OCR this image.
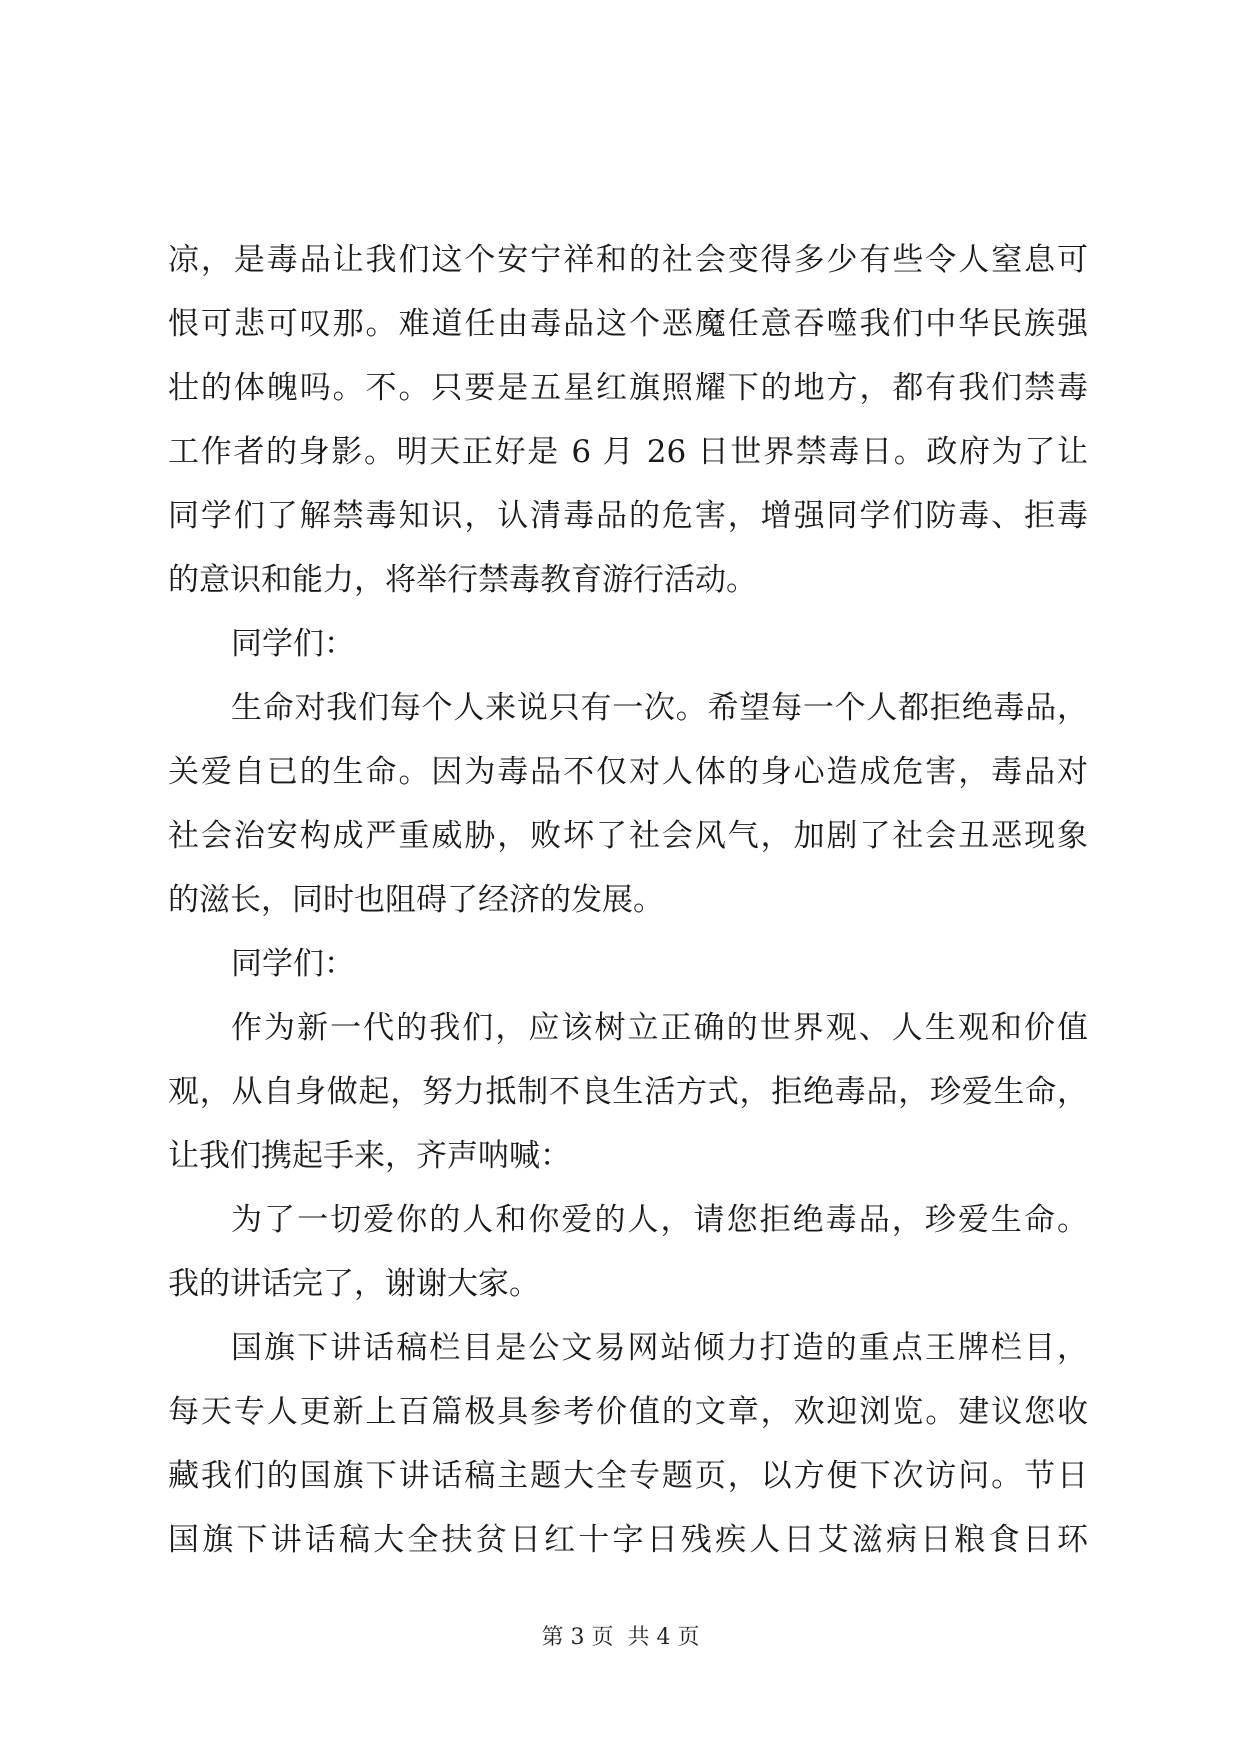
凉，是毒品让我们这个安宁祥和的社会变得多少有些令人窒息可
恨可悲可叹那。难道任由毒品这个恶魔任意吞噬我们中华民族强
壮的体魄吗。不。只要是五星红旗照耀下的地方，都有我们禁毒
工作者的身影。明天正好是 6 月 26 日世界禁毒日。政府为了让
同学们了解禁毒知识，认清毒品的危害，增强同学们防毒、拒毒
的意识和能力，将举行禁毒教育游行活动。
同学们：
生命对我们每个人来说只有一次。希望每一个人都拒绝毒品，
关爱自已的生命。因为毒品不仅对人体的身心造成危害，毒品对
社会治安构成严重威胁，败坏了社会风气，加剧了社会丑恶现象
的滋长，同时也阻碍了经济的发展。
同学们：
作为新一代的我们，应该树立正确的世界观、人生观和价值
观，从自身做起，努力抵制不良生活方式，拒绝毒品，珍爱生命，
让我们携起手来，齐声呐喊：
为了一切爱你的人和你爱的人，请您拒绝毒品，珍爱生命。
我的讲话完了，谢谢大家。
国旗下讲话稿栏目是公文易网站倾力打造的重点王牌栏目，
每天专人更新上百篇极具参考价值的文章，欢迎浏览。建议您收
藏我们的国旗下讲话稿主题大全专题页，以方便下次访问。节日
国旗下讲话稿大全扶贫日红十字日残疾人日艾滋病日粮食日环
第 3 页  共 4 页
